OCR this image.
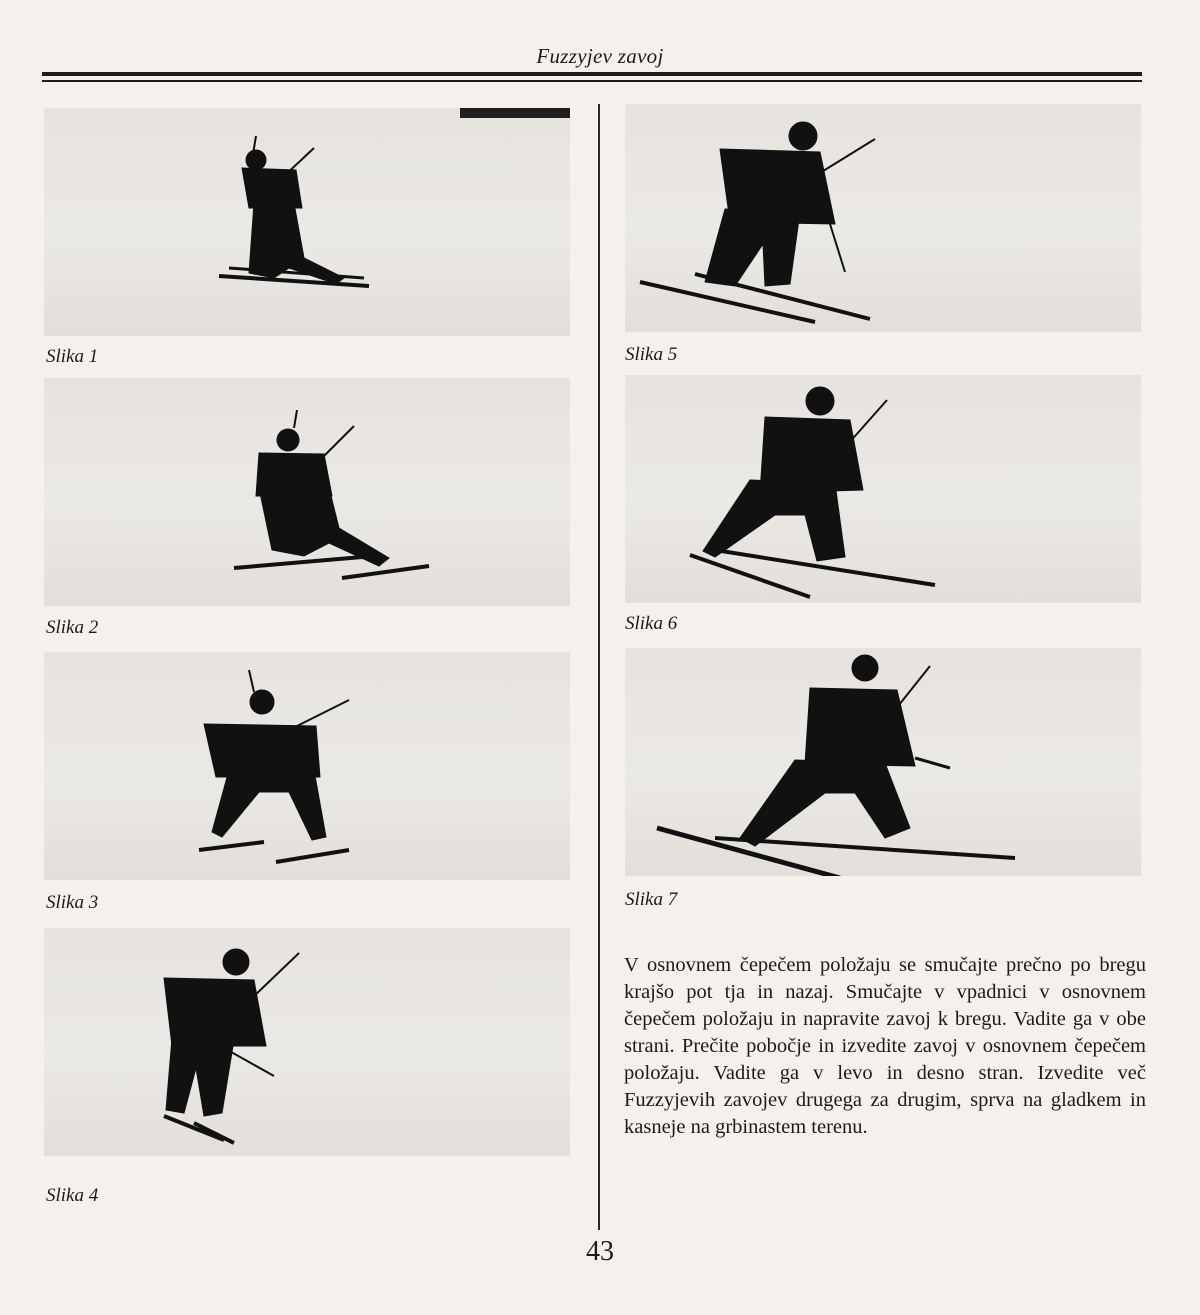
Fuzzyjev zavoj
Slika 1
Slika 2
Slika 3
Slika 4
Slika 5
Slika 6
Slika 7
V osnovnem čepečem položaju se smučajte prečno po bregu krajšo pot tja in nazaj. Smučajte v vpadnici v osnovnem čepečem položaju in napravite zavoj k bregu. Vadite ga v obe strani. Prečite pobočje in izvedite zavoj v osnovnem čepečem položaju. Vadite ga v levo in desno stran. Izvedite več Fuzzyjevih zavojev drugega za drugim, sprva na gladkem in kasneje na grbinastem terenu.
43
